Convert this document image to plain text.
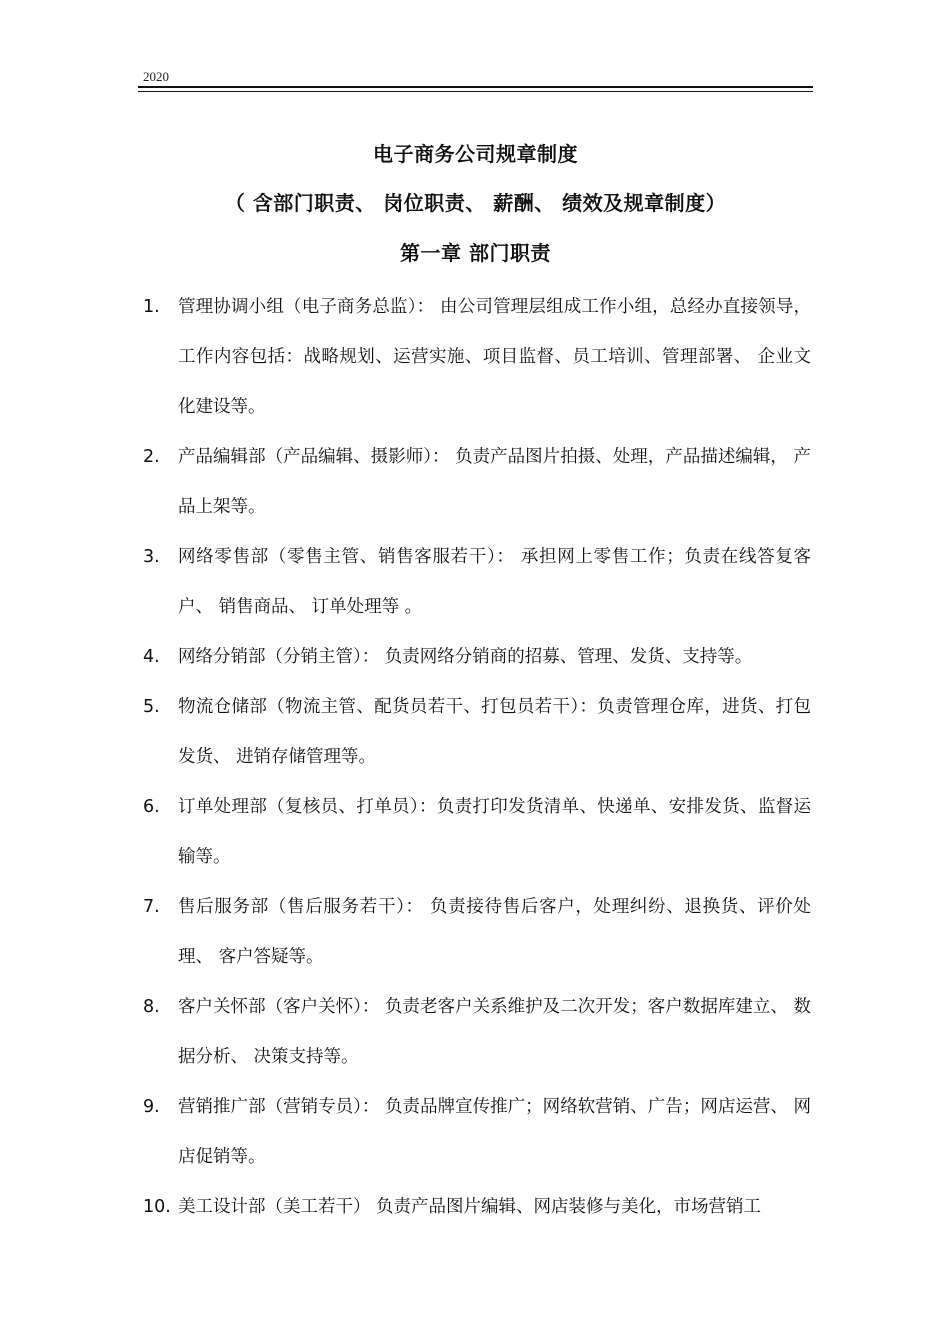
2020
电子商务公司规章制度
（ 含部门职责、 岗位职责、 薪酬、 绩效及规章制度）
第一章 部门职责
1. 管理协调小组（电子商务总监）： 由公司管理层组成工作小组，总经办直接领导，工作内容包括：战略规划、运营实施、项目监督、员工培训、管理部署、 企业文化建设等。
2. 产品编辑部（产品编辑、摄影师）： 负责产品图片拍摄、处理，产品描述编辑， 产品上架等。
3. 网络零售部（零售主管、销售客服若干）： 承担网上零售工作；负责在线答复客户、 销售商品、 订单处理等 。
4. 网络分销部（分销主管）： 负责网络分销商的招募、管理、发货、支持等。
5. 物流仓储部（物流主管、配货员若干、打包员若干）：负责管理仓库，进货、打包发货、 进销存储管理等。
6. 订单处理部（复核员、打单员）：负责打印发货清单、快递单、安排发货、监督运输等。
7. 售后服务部（售后服务若干）： 负责接待售后客户，处理纠纷、退换货、评价处理、 客户答疑等。
8. 客户关怀部（客户关怀）： 负责老客户关系维护及二次开发；客户数据库建立、 数据分析、 决策支持等。
9. 营销推广部（营销专员）： 负责品牌宣传推广；网络软营销、广告；网店运营、 网店促销等。
10. 美工设计部（美工若干） 负责产品图片编辑、网店装修与美化，市场营销工
